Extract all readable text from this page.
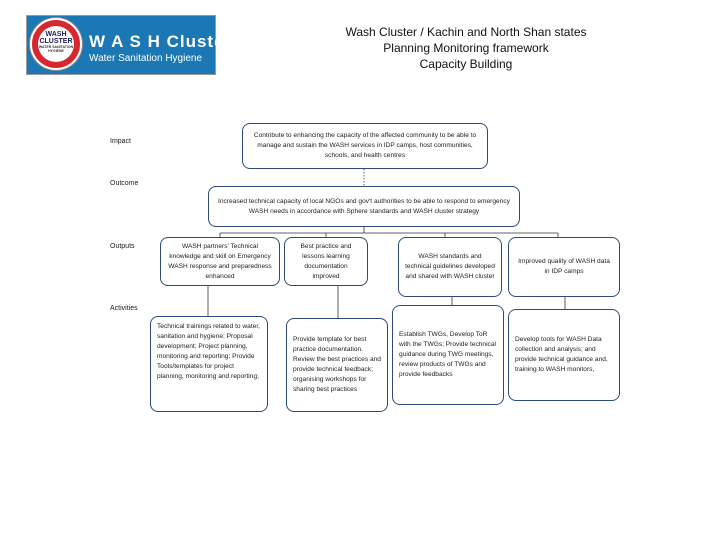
WASH
CLUSTER
WATER SANITATION HYGIENE	W A S H Cluster
Water Sanitation Hygiene
Wash Cluster / Kachin and North Shan states
Planning Monitoring framework
Capacity Building
Impact
Outcome
Outputs
Activities
Contribute to enhancing the capacity of the affected community to be able to manage and sustain the WASH services in IDP camps, host communities, schools, and health centres
Increased technical capacity of local NGOs and gov't authorities to be able to respond to emergency WASH needs in accordance with Sphere standards and WASH cluster strategy
WASH partners' Technical knowledge and skill on Emergency WASH response and preparedness enhanced
Best practice and lessons learning documentation improved
WASH standards and technical guidelines developed and shared with WASH cluster
Improved quality of WASH data in IDP camps
Technical trainings related to water, sanitation and hygiene; Proposal development; Project planning, monitoring and reporting; Provide Tools/templates for project planning, monitoring and reporting;
Provide template for best practice documentation. Review the best practices and provide technical feedback; organising workshops for sharing best practices
Establish TWGs, Develop ToR with the TWGs; Provide technical guidance during TWG meetings, review products of TWGs and provide feedbacks
Develop tools for WASH Data collection and analysis; and provide technical guidance and, training to WASH monitors,
